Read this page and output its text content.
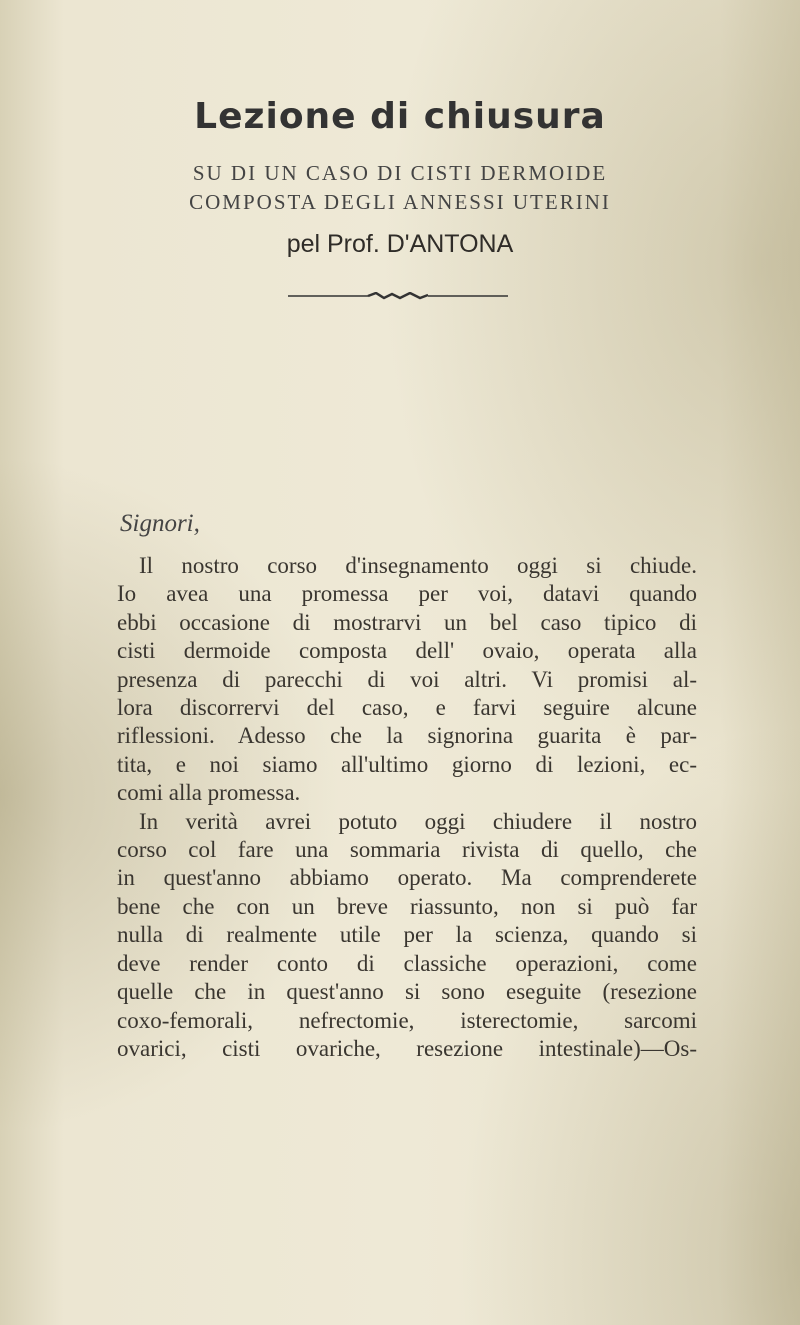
Lezione di chiusura
SU DI UN CASO DI CISTI DERMOIDE
COMPOSTA DEGLI ANNESSI UTERINI
pel Prof. D'ANTONA
Signori,
Il nostro corso d'insegnamento oggi si chiude.
Io avea una promessa per voi, datavi quando
ebbi occasione di mostrarvi un bel caso tipico di
cisti dermoide composta dell' ovaio, operata alla
presenza di parecchi di voi altri. Vi promisi al-
lora discorrervi del caso, e farvi seguire alcune
riflessioni. Adesso che la signorina guarita è par-
tita, e noi siamo all'ultimo giorno di lezioni, ec-
comi alla promessa.
In verità avrei potuto oggi chiudere il nostro
corso col fare una sommaria rivista di quello, che
in quest'anno abbiamo operato. Ma comprenderete
bene che con un breve riassunto, non si può far
nulla di realmente utile per la scienza, quando si
deve render conto di classiche operazioni, come
quelle che in quest'anno si sono eseguite (resezione
coxo-femorali, nefrectomie, isterectomie, sarcomi
ovarici, cisti ovariche, resezione intestinale)—Os-
